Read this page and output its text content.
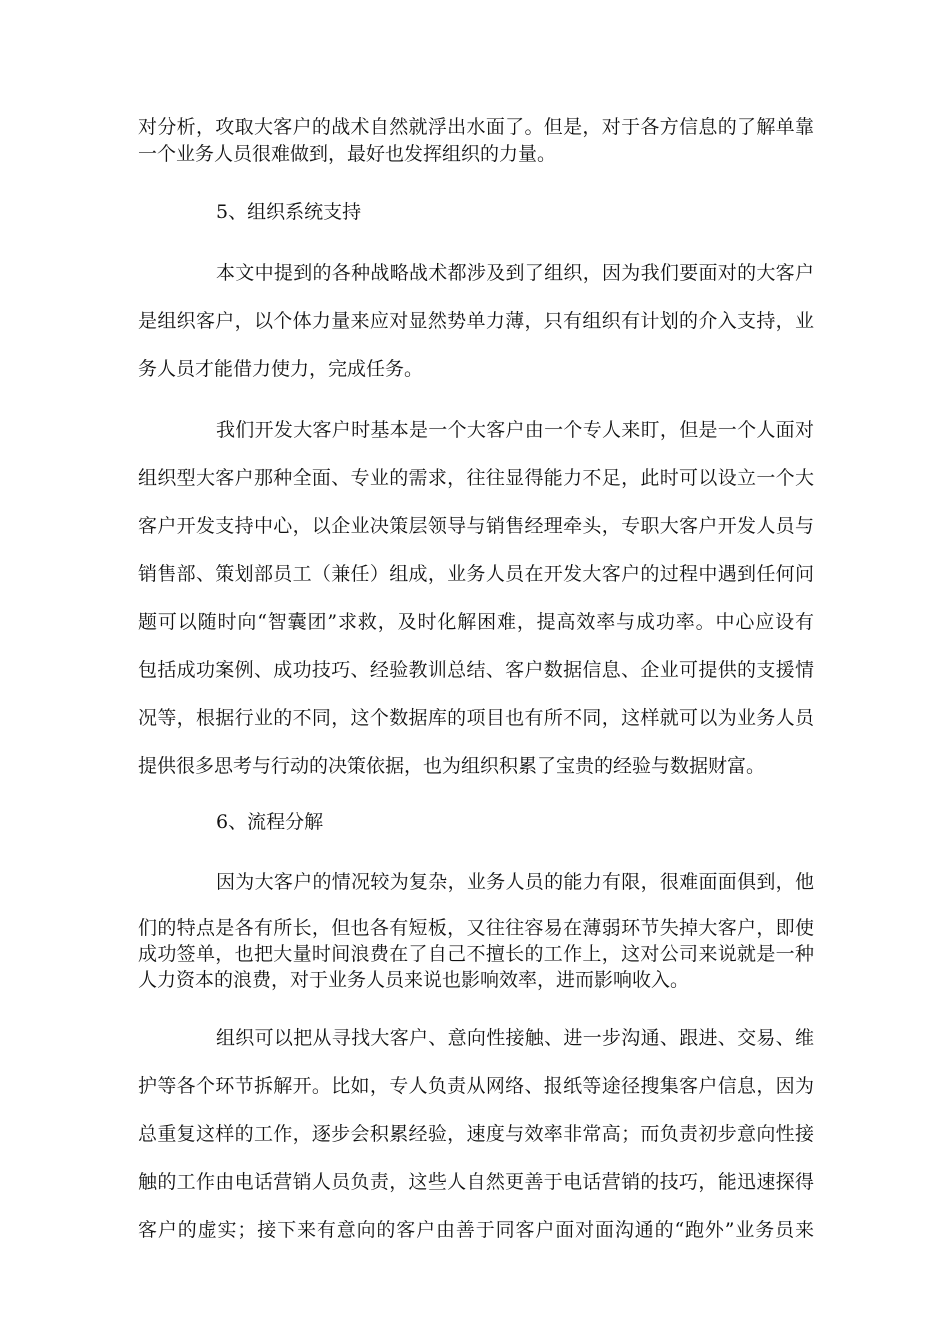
对分析，攻取大客户的战术自然就浮出水面了。但是，对于各方信息的了解单靠
一个业务人员很难做到，最好也发挥组织的力量。
5、组织系统支持
本文中提到的各种战略战术都涉及到了组织，因为我们要面对的大客户
是组织客户，以个体力量来应对显然势单力薄，只有组织有计划的介入支持，业
务人员才能借力使力，完成任务。
我们开发大客户时基本是一个大客户由一个专人来盯，但是一个人面对
组织型大客户那种全面、专业的需求，往往显得能力不足，此时可以设立一个大
客户开发支持中心，以企业决策层领导与销售经理牵头，专职大客户开发人员与
销售部、策划部员工（兼任）组成，业务人员在开发大客户的过程中遇到任何问
题可以随时向“智囊团”求救，及时化解困难，提高效率与成功率。中心应设有
包括成功案例、成功技巧、经验教训总结、客户数据信息、企业可提供的支援情
况等，根据行业的不同，这个数据库的项目也有所不同，这样就可以为业务人员
提供很多思考与行动的决策依据，也为组织积累了宝贵的经验与数据财富。
6、流程分解
因为大客户的情况较为复杂，业务人员的能力有限，很难面面俱到，他
们的特点是各有所长，但也各有短板，又往往容易在薄弱环节失掉大客户，即使
成功签单，也把大量时间浪费在了自己不擅长的工作上，这对公司来说就是一种
人力资本的浪费，对于业务人员来说也影响效率，进而影响收入。
组织可以把从寻找大客户、意向性接触、进一步沟通、跟进、交易、维
护等各个环节拆解开。比如，专人负责从网络、报纸等途径搜集客户信息，因为
总重复这样的工作，逐步会积累经验，速度与效率非常高；而负责初步意向性接
触的工作由电话营销人员负责，这些人自然更善于电话营销的技巧，能迅速探得
客户的虚实；接下来有意向的客户由善于同客户面对面沟通的“跑外”业务员来
